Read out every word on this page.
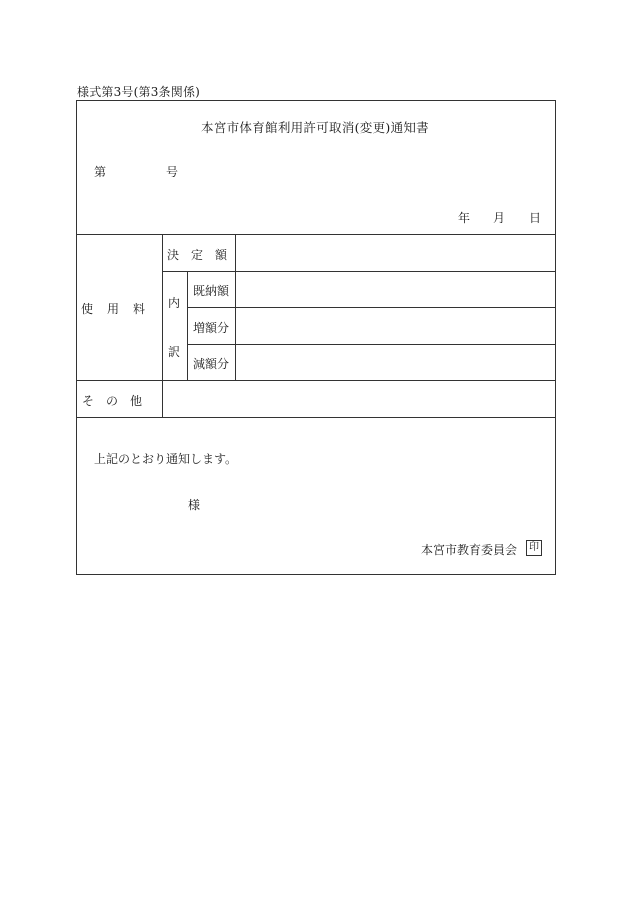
様式第3号(第3条関係)
本宮市体育館利用許可取消(変更)通知書
第	号
年 月 日
使　用　料
決　定　額
内
訳
既納額
増額分
減額分
そ　の　他
上記のとおり通知します。
様
本宮市教育委員会 印
